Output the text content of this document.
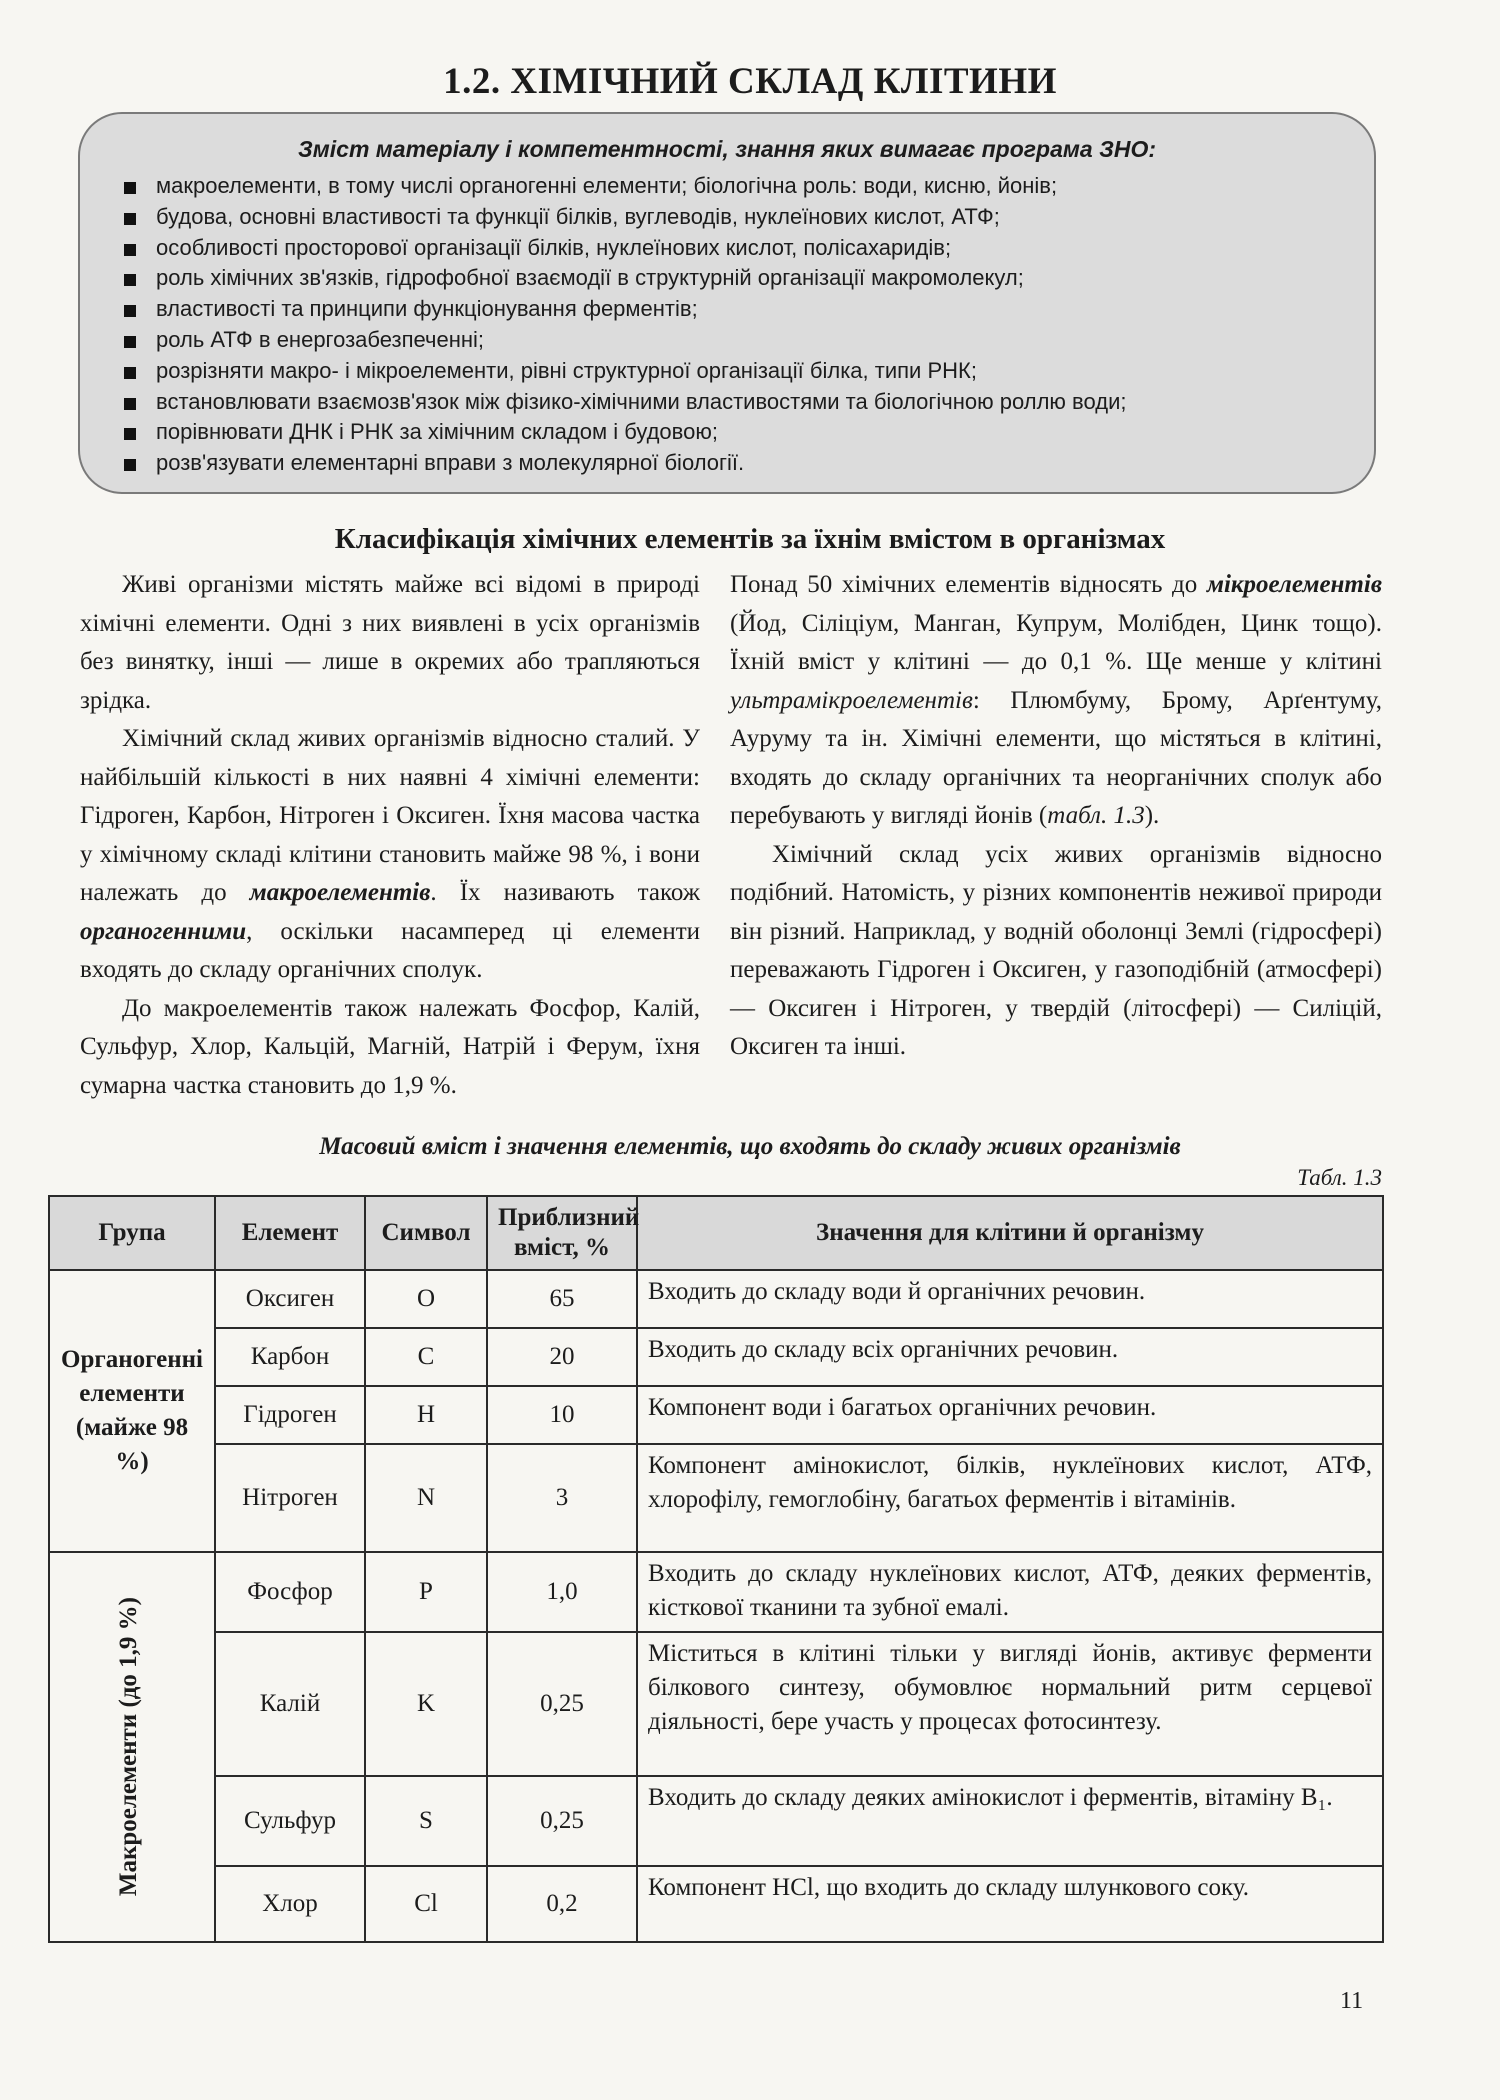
1.2. ХІМІЧНИЙ СКЛАД КЛІТИНИ
Зміст матеріалу і компетентності, знання яких вимагає програма ЗНО:
макроелементи, в тому числі органогенні елементи; біологічна роль: води, кисню, йонів;
будова, основні властивості та функції білків, вуглеводів, нуклеїнових кислот, АТФ;
особливості просторової організації білків, нуклеїнових кислот, полісахаридів;
роль хімічних зв'язків, гідрофобної взаємодії в структурній організації макромолекул;
властивості та принципи функціонування ферментів;
роль АТФ в енергозабезпеченні;
розрізняти макро- і мікроелементи, рівні структурної організації білка, типи РНК;
встановлювати взаємозв'язок між фізико-хімічними властивостями та біологічною роллю води;
порівнювати ДНК і РНК за хімічним складом і будовою;
розв'язувати елементарні вправи з молекулярної біології.
Класифікація хімічних елементів за їхнім вмістом в організмах

Живі організми містять майже всі відомі в природі хімічні елементи. Одні з них виявлені в усіх організмів без винятку, інші — лише в окремих або трапляються зрідка.

Хімічний склад живих організмів відносно сталий. У найбільшій кількості в них наявні 4 хімічні елементи: Гідроген, Карбон, Нітроген і Оксиген. Їхня масова частка у хімічному складі клітини становить майже 98 %, і вони належать до макроелементів. Їх називають також органогенними, оскільки насамперед ці елементи входять до складу органічних сполук.

До макроелементів також належать Фосфор, Калій, Сульфур, Хлор, Кальцій, Магній, Натрій і Ферум, їхня сумарна частка становить до 1,9 %.

Понад 50 хімічних елементів відносять до мікроелементів (Йод, Сіліціум, Манган, Купрум, Молібден, Цинк тощо). Їхній вміст у клітині — до 0,1 %. Ще менше у клітині ультрамікроелементів: Плюмбуму, Брому, Арґентуму, Ауруму та ін. Хімічні елементи, що містяться в клітині, входять до складу органічних та неорганічних сполук або перебувають у вигляді йонів (табл. 1.3).

Хімічний склад усіх живих організмів відносно подібний. Натомість, у різних компонентів неживої природи він різний. Наприклад, у водній оболонці Землі (гідросфері) переважають Гідроген і Оксиген, у газоподібній (атмосфері) — Оксиген і Нітроген, у твердій (літосфері) — Силіцій, Оксиген та інші.

Масовий вміст і значення елементів, що входять до складу живих організмів
Табл. 1.3
Група	Елемент	Символ	Приблизний вміст, %	Значення для клітини й організму
Органогенні елементи (майже 98 %)	Оксиген	O	65	Входить до складу води й органічних речовин.
	Карбон	C	20	Входить до складу всіх органічних речовин.
	Гідроген	H	10	Компонент води і багатьох органічних речовин.
	Нітроген	N	3	Компонент амінокислот, білків, нуклеїнових кислот, АТФ, хлорофілу, гемоглобіну, багатьох ферментів і вітамінів.

Макроелементи (до 1,9 %)	Фосфор	P	1,0	Входить до складу нуклеїнових кислот, АТФ, деяких ферментів, кісткової тканини та зубної емалі.
	Калій	K	0,25	Міститься в клітині тільки у вигляді йонів, активує ферменти білкового синтезу, обумовлює нормальний ритм серцевої діяльності, бере участь у процесах фотосинтезу.
	Сульфур	S	0,25	Входить до складу деяких амінокислот і ферментів, вітаміну B₁.
	Хлор	Cl	0,2	Компонент HCl, що входить до складу шлункового соку.
11
